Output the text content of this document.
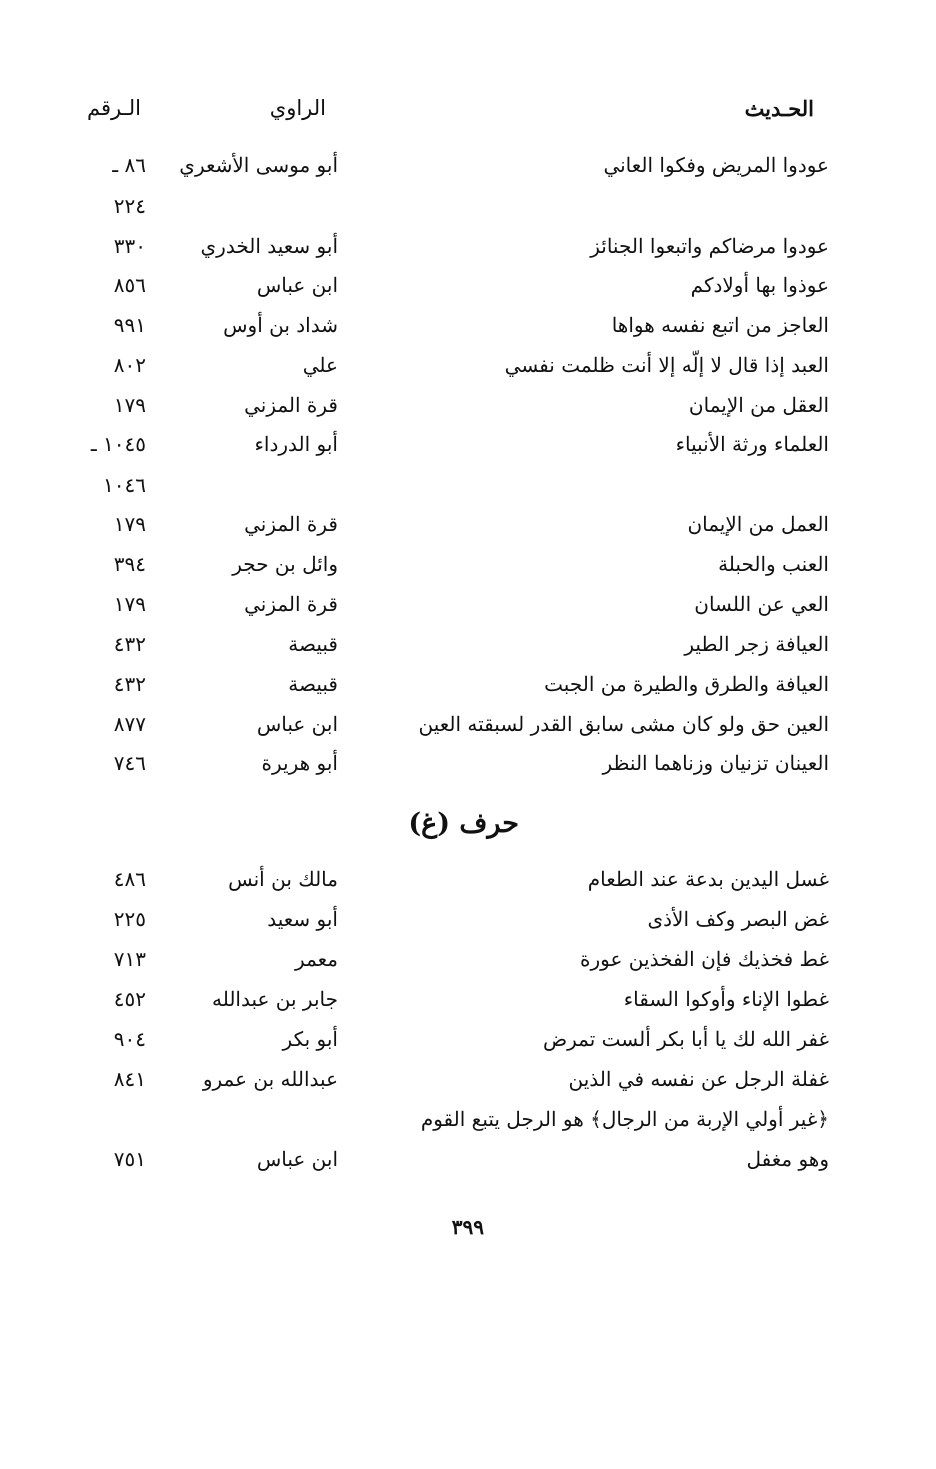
الحـديث
الراوي
الـرقم
عودوا المريض وفكوا العاني
أبو موسى الأشعري
٨٦ ـ
٢٢٤
عودوا مرضاكم واتبعوا الجنائز
أبو سعيد الخدري
٣٣٠
عوذوا بها أولادكم
ابن عباس
٨٥٦
العاجز من اتبع نفسه هواها
شداد بن أوس
٩٩١
العبد إذا قال لا إلّه إلا أنت ظلمت نفسي
علي
٨٠٢
العقل من الإيمان
قرة المزني
١٧٩
العلماء ورثة الأنبياء
أبو الدرداء
١٠٤٥ ـ
١٠٤٦
العمل من الإيمان
قرة المزني
١٧٩
العنب والحبلة
وائل بن حجر
٣٩٤
العي عن اللسان
قرة المزني
١٧٩
العيافة زجر الطير
قبيصة
٤٣٢
العيافة والطرق والطيرة من الجبت
قبيصة
٤٣٢
العين حق ولو كان مشى سابق القدر لسبقته العين
ابن عباس
٨٧٧
العينان تزنيان وزناهما النظر
أبو هريرة
٧٤٦
حرف (غ)
غسل اليدين بدعة عند الطعام
مالك بن أنس
٤٨٦
غض البصر وكف الأذى
أبو سعيد
٢٢٥
غط فخذيك فإن الفخذين عورة
معمر
٧١٣
غطوا الإناء وأوكوا السقاء
جابر بن عبدالله
٤٥٢
غفر الله لك يا أبا بكر ألست تمرض
أبو بكر
٩٠٤
غفلة الرجل عن نفسه في الذين
عبدالله بن عمرو
٨٤١
﴿غير أولي الإربة من الرجال﴾ هو الرجل يتبع القوم
وهو مغفل
ابن عباس
٧٥١
٣٩٩
